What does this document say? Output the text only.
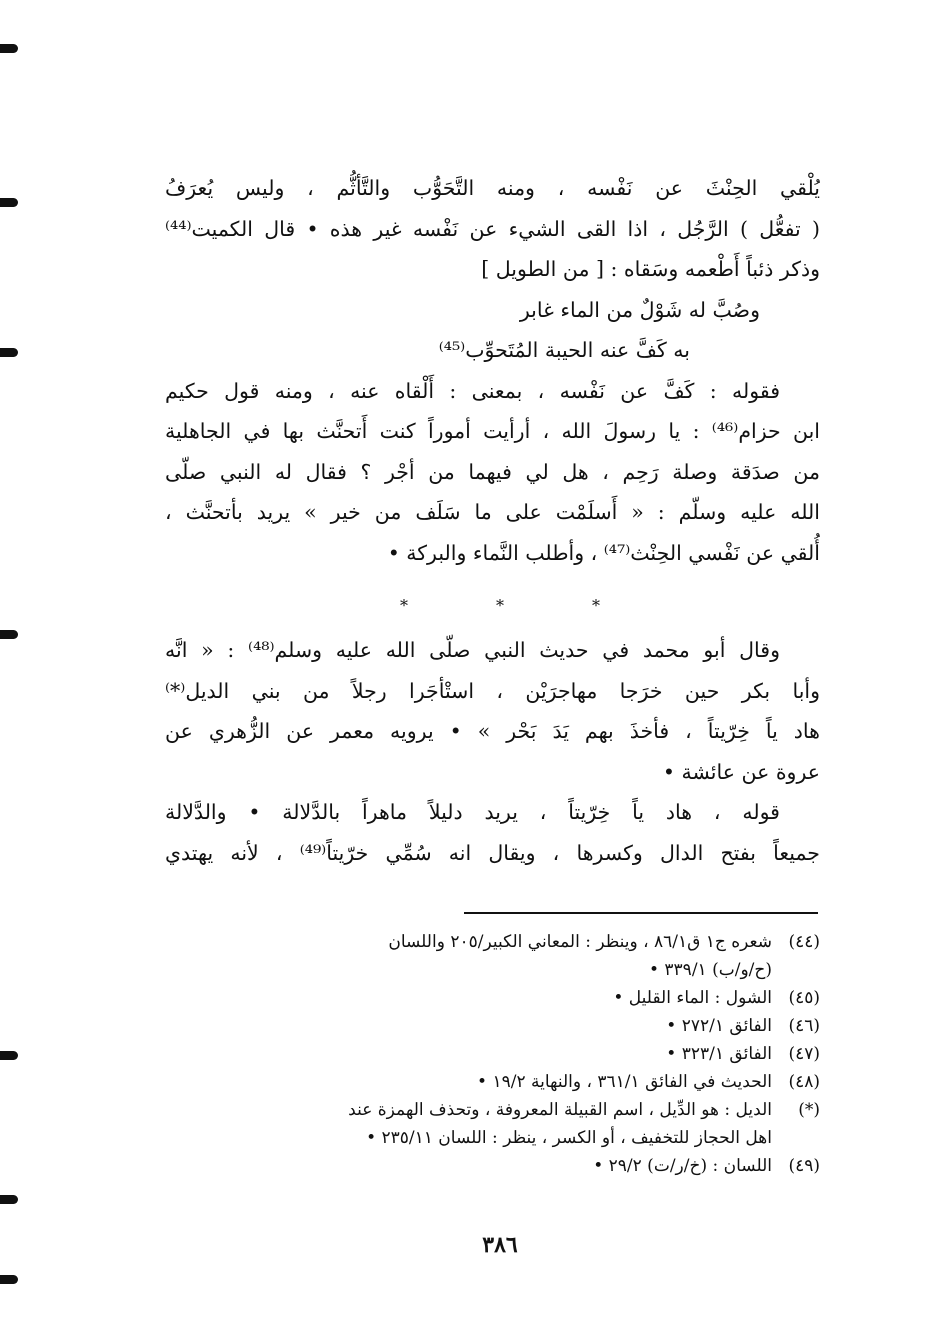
يُلْقي الحِنْثَ عن نَفْسه ، ومنه التَّحَوُّب والتَّأثُّم ، وليس يُعرَفُ
( تفعُّل ) الرَّجُل ، اذا القى الشيء عن نَفْسه غير هذه • قال الكميت⁽⁴⁴⁾
وذكر ذئباً أَطْعمه وسَقاه : [ من الطويل ]
وصُبَّ له شَوْلٌ من الماء غابر
به كَفَّ عنه الحيبة المُتَحوِّب⁽⁴⁵⁾
فقوله : كَفَّ عن نَفْسه ، بمعنى : أَلْقاه عنه ، ومنه قول حكيم
ابن حزام⁽⁴⁶⁾ : يا رسولَ الله ، أرأيت أموراً كنت أَتحنَّث بها في الجاهلية
من صدَقة وصلة رَحِم ، هل لي فيهما من أجْر ؟ فقال له النبي صلّى
الله عليه وسلّم : « أَسلَمْت على ما سَلَف من خير » يريد بأتحنَّث ،
أُلقي عن نَفْسي الحِنْث⁽⁴⁷⁾ ، وأطلب النَّماء والبركة •
وقال أبو محمد في حديث النبي صلّى الله عليه وسلم⁽⁴⁸⁾ : « انَّه
وأبا بكر حين خرَجا مهاجرَيْن ، استْأجَرا رجلاً من بني الديل⁽*⁾
هاد ياً خِرّيتاً ، فأخذَ بهم يَدَ بَحْر » • يرويه معمر عن الزُّهري عن
عروة عن عائشة •
قوله ، هاد ياً خِرّيتاً ، يريد دليلاً ماهراً بالدَّلالة • والدَّلالة
جميعاً بفتح الدال وكسرها ، ويقال انه سُمِّي خرّيتاً⁽⁴⁹⁾ ، لأنه يهتدي
*	*	*
(٤٤)
شعره ج١ ق٨٦/١ ، وينظر : المعاني الكبير/٢٠٥ واللسان
(ح/و/ب) ٣٣٩/١ •
(٤٥)
الشول : الماء القليل •
(٤٦)
الفائق ٢٧٢/١ •
(٤٧)
الفائق ٣٢٣/١ •
(٤٨)
الحديث في الفائق ٣٦١/١ ، والنهاية ١٩/٢ •
(*)
الديل : هو الدِّيل ، اسم القبيلة المعروفة ، وتحذف الهمزة عند
اهل الحجاز للتخفيف ، أو الكسر ، ينظر : اللسان ٢٣٥/١١ •
(٤٩)
اللسان : (خ/ر/ت) ٢٩/٢ •
٣٨٦
